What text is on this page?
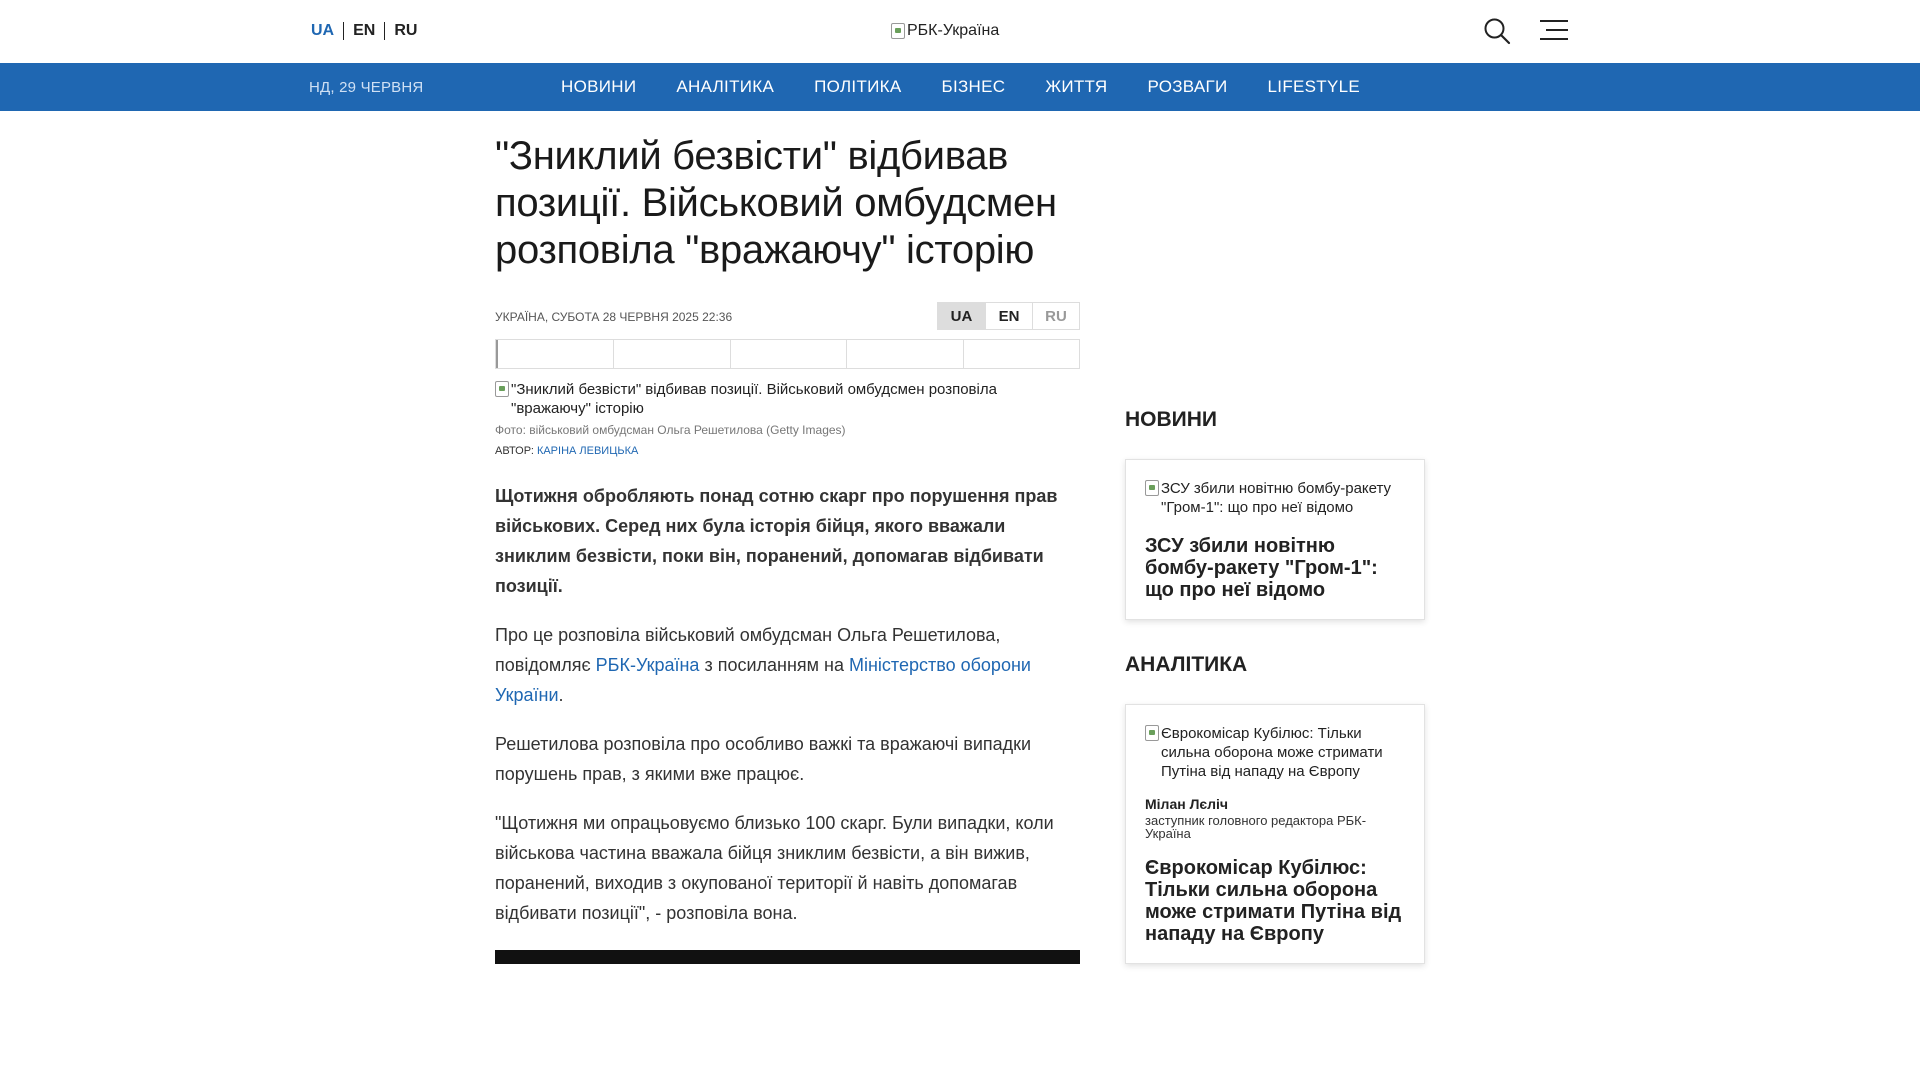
UA	EN	RU	РБК-Україна
НД, 29 ЧЕРВНЯ	НОВИНИ	АНАЛІТИКА	ПОЛІТИКА	БІЗНЕС	ЖИТТЯ	РОЗВАГИ	LIFESTYLE
"Зниклий безвісти" відбивав позиції. Військовий омбудсмен розповіла "вражаючу" історію
УКРАЇНА, СУБОТА 28 ЧЕРВНЯ 2025 22:36	UA	EN	RU
"Зниклий безвісти" відбивав позиції. Військовий омбудсмен розповіла "вражаючу" історію
Фото: військовий омбудсман Ольга Решетилова (Getty Images)
АВТОР: КАРІНА ЛЕВИЦЬКА

Щотижня обробляють понад сотню скарг про порушення прав військових. Серед них була історія бійця, якого вважали зниклим безвісти, поки він, поранений, допомагав відбивати позиції.

Про це розповіла військовий омбудсман Ольга Решетилова, повідомляє РБК-Україна з посиланням на Міністерство оборони України.

Решетилова розповіла про особливо важкі та вражаючі випадки порушень прав, з якими вже працює.

"Щотижня ми опрацьовуємо близько 100 скарг. Були випадки, коли військова частина вважала бійця зниклим безвісти, а він вижив, поранений, виходив з окупованої території й навіть допомагав відбивати позиції", - розповіла вона.

НОВИНИ
ЗСУ збили новітню бомбу-ракету "Гром-1": що про неї відомо
ЗСУ збили новітню бомбу-ракету "Гром-1": що про неї відомо
АНАЛІТИКА
Єврокомісар Кубілюс: Тільки сильна оборона може стримати Путіна від нападу на Європу
Мілан Лєліч
заступник головного редактора РБК-Україна
Єврокомісар Кубілюс: Тільки сильна оборона може стримати Путіна від нападу на Європу
